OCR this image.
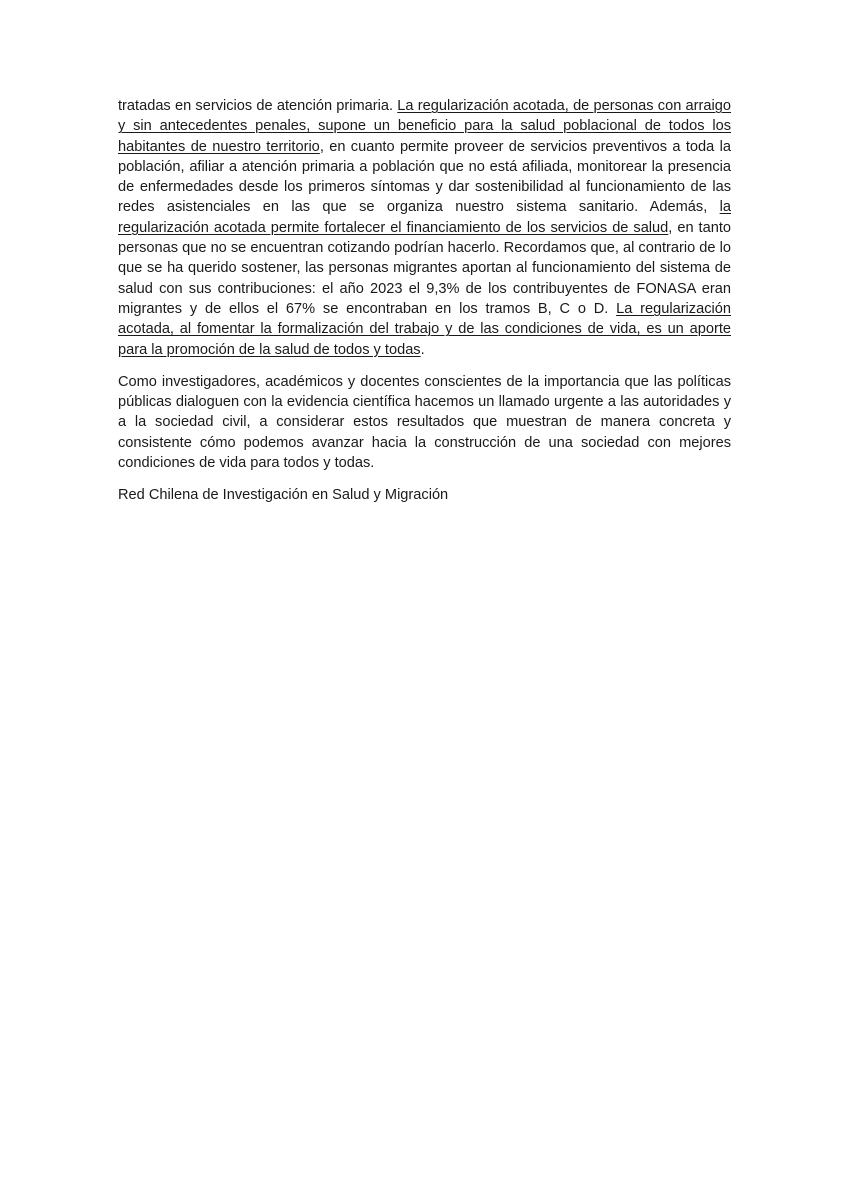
tratadas en servicios de atención primaria. La regularización acotada, de personas con arraigo y sin antecedentes penales, supone un beneficio para la salud poblacional de todos los habitantes de nuestro territorio, en cuanto permite proveer de servicios preventivos a toda la población, afiliar a atención primaria a población que no está afiliada, monitorear la presencia de enfermedades desde los primeros síntomas y dar sostenibilidad al funcionamiento de las redes asistenciales en las que se organiza nuestro sistema sanitario. Además, la regularización acotada permite fortalecer el financiamiento de los servicios de salud, en tanto personas que no se encuentran cotizando podrían hacerlo. Recordamos que, al contrario de lo que se ha querido sostener, las personas migrantes aportan al funcionamiento del sistema de salud con sus contribuciones: el año 2023 el 9,3% de los contribuyentes de FONASA eran migrantes y de ellos el 67% se encontraban en los tramos B, C o D. La regularización acotada, al fomentar la formalización del trabajo y de las condiciones de vida, es un aporte para la promoción de la salud de todos y todas.

Como investigadores, académicos y docentes conscientes de la importancia que las políticas públicas dialoguen con la evidencia científica hacemos un llamado urgente a las autoridades y a la sociedad civil, a considerar estos resultados que muestran de manera concreta y consistente cómo podemos avanzar hacia la construcción de una sociedad con mejores condiciones de vida para todos y todas.

Red Chilena de Investigación en Salud y Migración
